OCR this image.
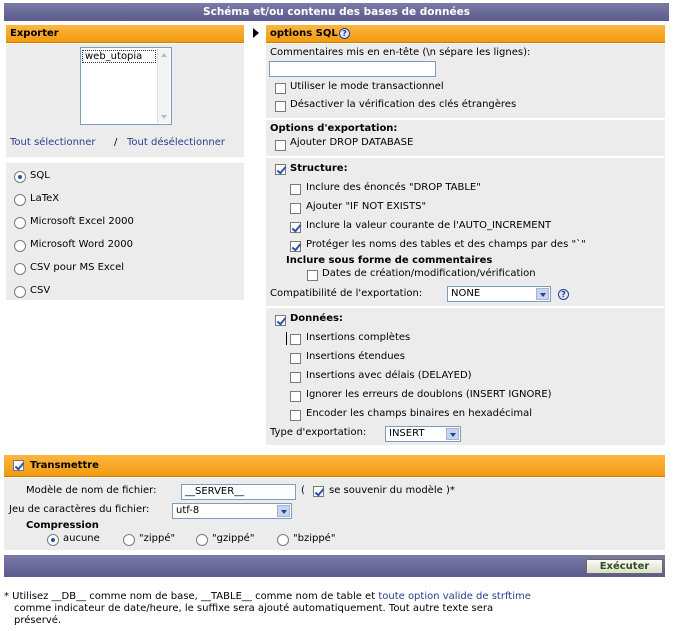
Schéma et/ou contenu des bases de données
Exporter
web_utopia
Tout sélectionner / Tout désélectionner
SQL
LaTeX
Microsoft Excel 2000
Microsoft Word 2000
CSV pour MS Excel
CSV
options SQL ?
Commentaires mis en en-tête (\n sépare les lignes):
Utiliser le mode transactionnel
Désactiver la vérification des clés étrangères
Options d'exportation:
Ajouter DROP DATABASE
Structure:
Inclure des énoncés "DROP TABLE"
Ajouter "IF NOT EXISTS"
Inclure la valeur courante de l'AUTO_INCREMENT
Protéger les noms des tables et des champs par des "`"
Inclure sous forme de commentaires
Dates de création/modification/vérification
Compatibilité de l'exportation:	NONE	?
Données:
Insertions complètes
Insertions étendues
Insertions avec délais (DELAYED)
Ignorer les erreurs de doublons (INSERT IGNORE)
Encoder les champs binaires en hexadécimal
Type d'exportation:	INSERT
Transmettre
Modèle de nom de fichier:	__SERVER__	( se souvenir du modèle )*
Jeu de caractères du fichier:	utf-8
Compression
aucune	"zippé"	"gzippé"	"bzippé"
Exécuter
* Utilisez __DB__ comme nom de base, __TABLE__ comme nom de table et toute option valide de strftime
comme indicateur de date/heure, le suffixe sera ajouté automatiquement. Tout autre texte sera
préservé.
